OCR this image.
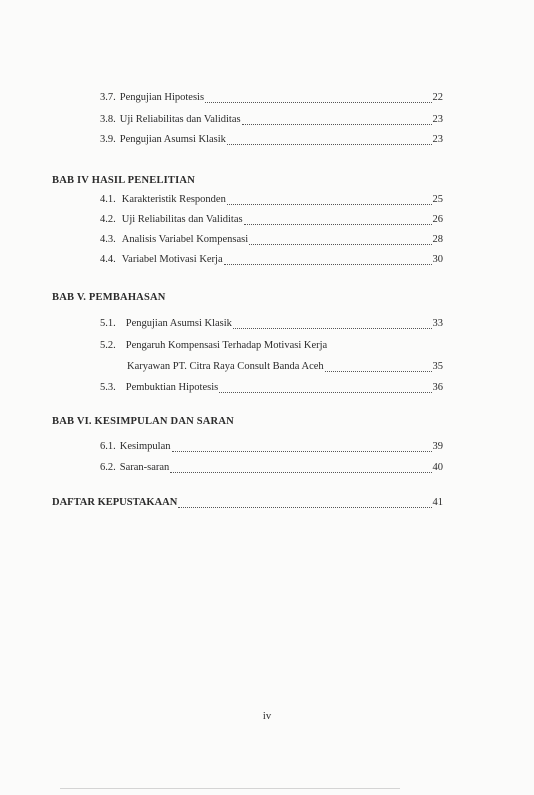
3.7. Pengujian Hipotesis	22
3.8. Uji Reliabilitas dan Validitas	23
3.9. Pengujian Asumsi Klasik	23
BAB IV HASIL PENELITIAN
4.1. Karakteristik Responden	25
4.2. Uji Reliabilitas dan Validitas	26
4.3. Analisis Variabel Kompensasi	28
4.4. Variabel Motivasi Kerja	30
BAB V. PEMBAHASAN
5.1. Pengujian Asumsi Klasik	33
5.2. Pengaruh Kompensasi Terhadap Motivasi Kerja
Karyawan PT. Citra Raya Consult Banda Aceh	35
5.3. Pembuktian Hipotesis	36
BAB VI. KESIMPULAN DAN SARAN
6.1. Kesimpulan	39
6.2. Saran-saran	40
DAFTAR KEPUSTAKAAN	41
iv
